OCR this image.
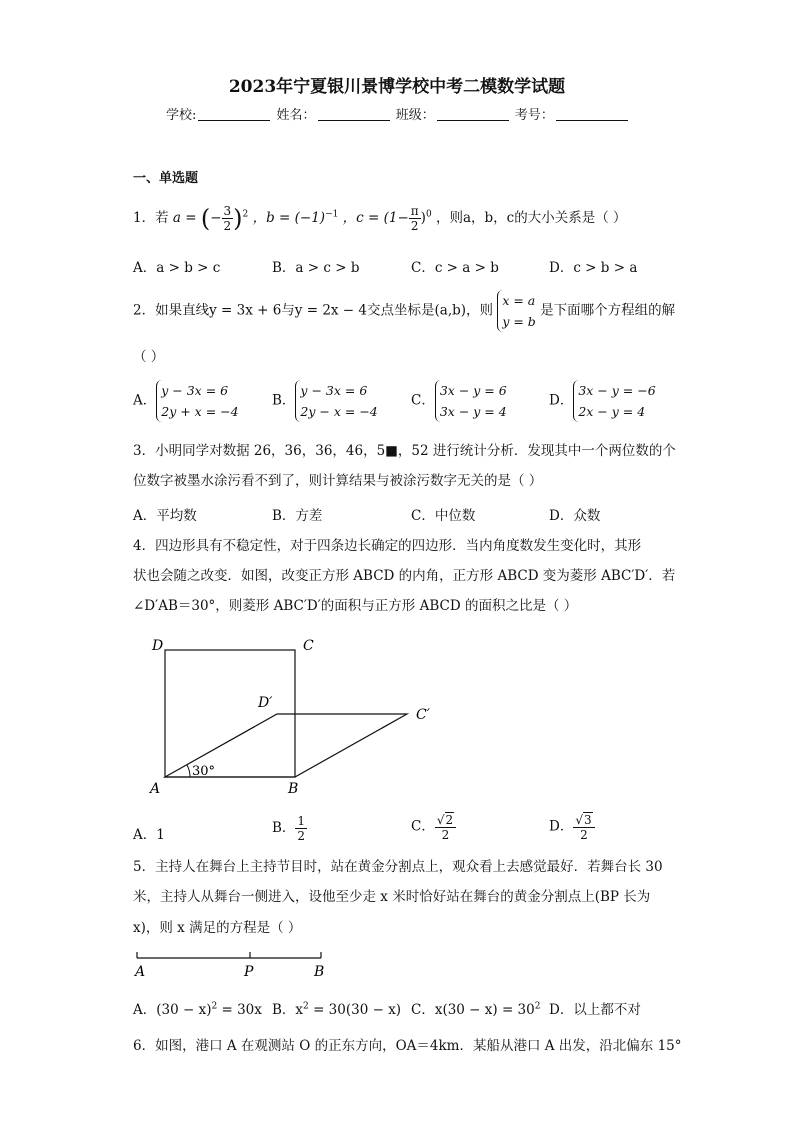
2023年宁夏银川景博学校中考二模数学试题
学校:	姓名：	班级：	考号：
一、单选题
1．若 a = (− $\frac{3}{2} )^2$ ，$b = (-1)^{-1}$ ，$c = (1- \frac{\pi}{2} )^0$ ，则a，b，c的大小关系是（ ）
A．a > b > c	B．a > c > b	C．c > a > b	D．c > b > a
2．如果直线y = 3x + 6与y = 2x − 4交点坐标是(a,b)，则 x = a
y = b 是下面哪个方程组的解
（ ）
A．y − 3x = 6
2y + x = −4
B．y − 3x = 6
2y − x = −4
C．3x − y = 6
3x − y = 4
D．3x − y = −6
2x − y = 4
3．小明同学对数据 26，36，36，46，5■，52 进行统计分析．发现其中一个两位数的个
位数字被墨水涂污看不到了，则计算结果与被涂污数字无关的是（ ）
A．平均数	B．方差	C．中位数	D．众数
4．四边形具有不稳定性，对于四条边长确定的四边形．当内角度数发生变化时，其形
状也会随之改变．如图，改变正方形 ABCD 的内角，正方形 ABCD 变为菱形 ABC′D′．若
∠D′AB＝30°，则菱形 ABC′D′的面积与正方形 ABCD 的面积之比是（ ）
D	C
D′
C′
A	B
30°
A．1	B． $\frac{1}{2}$	C． $\frac{√2}{2}$	D． $\frac{√3}{2}$
5．主持人在舞台上主持节目时，站在黄金分割点上，观众看上去感觉最好．若舞台长 30
米，主持人从舞台一侧进入，设他至少走 x 米时恰好站在舞台的黄金分割点上(BP 长为
x)，则 x 满足的方程是（ ）
A	P	B
A．$(30 - x)^2 = 30x$ B．$x^2 = 30(30 - x)$ C．$x(30 - x) = 30^2$ D．以上都不对
6．如图，港口 A 在观测站 O 的正东方向，OA＝4km．某船从港口 A 出发，沿北偏东 15°
